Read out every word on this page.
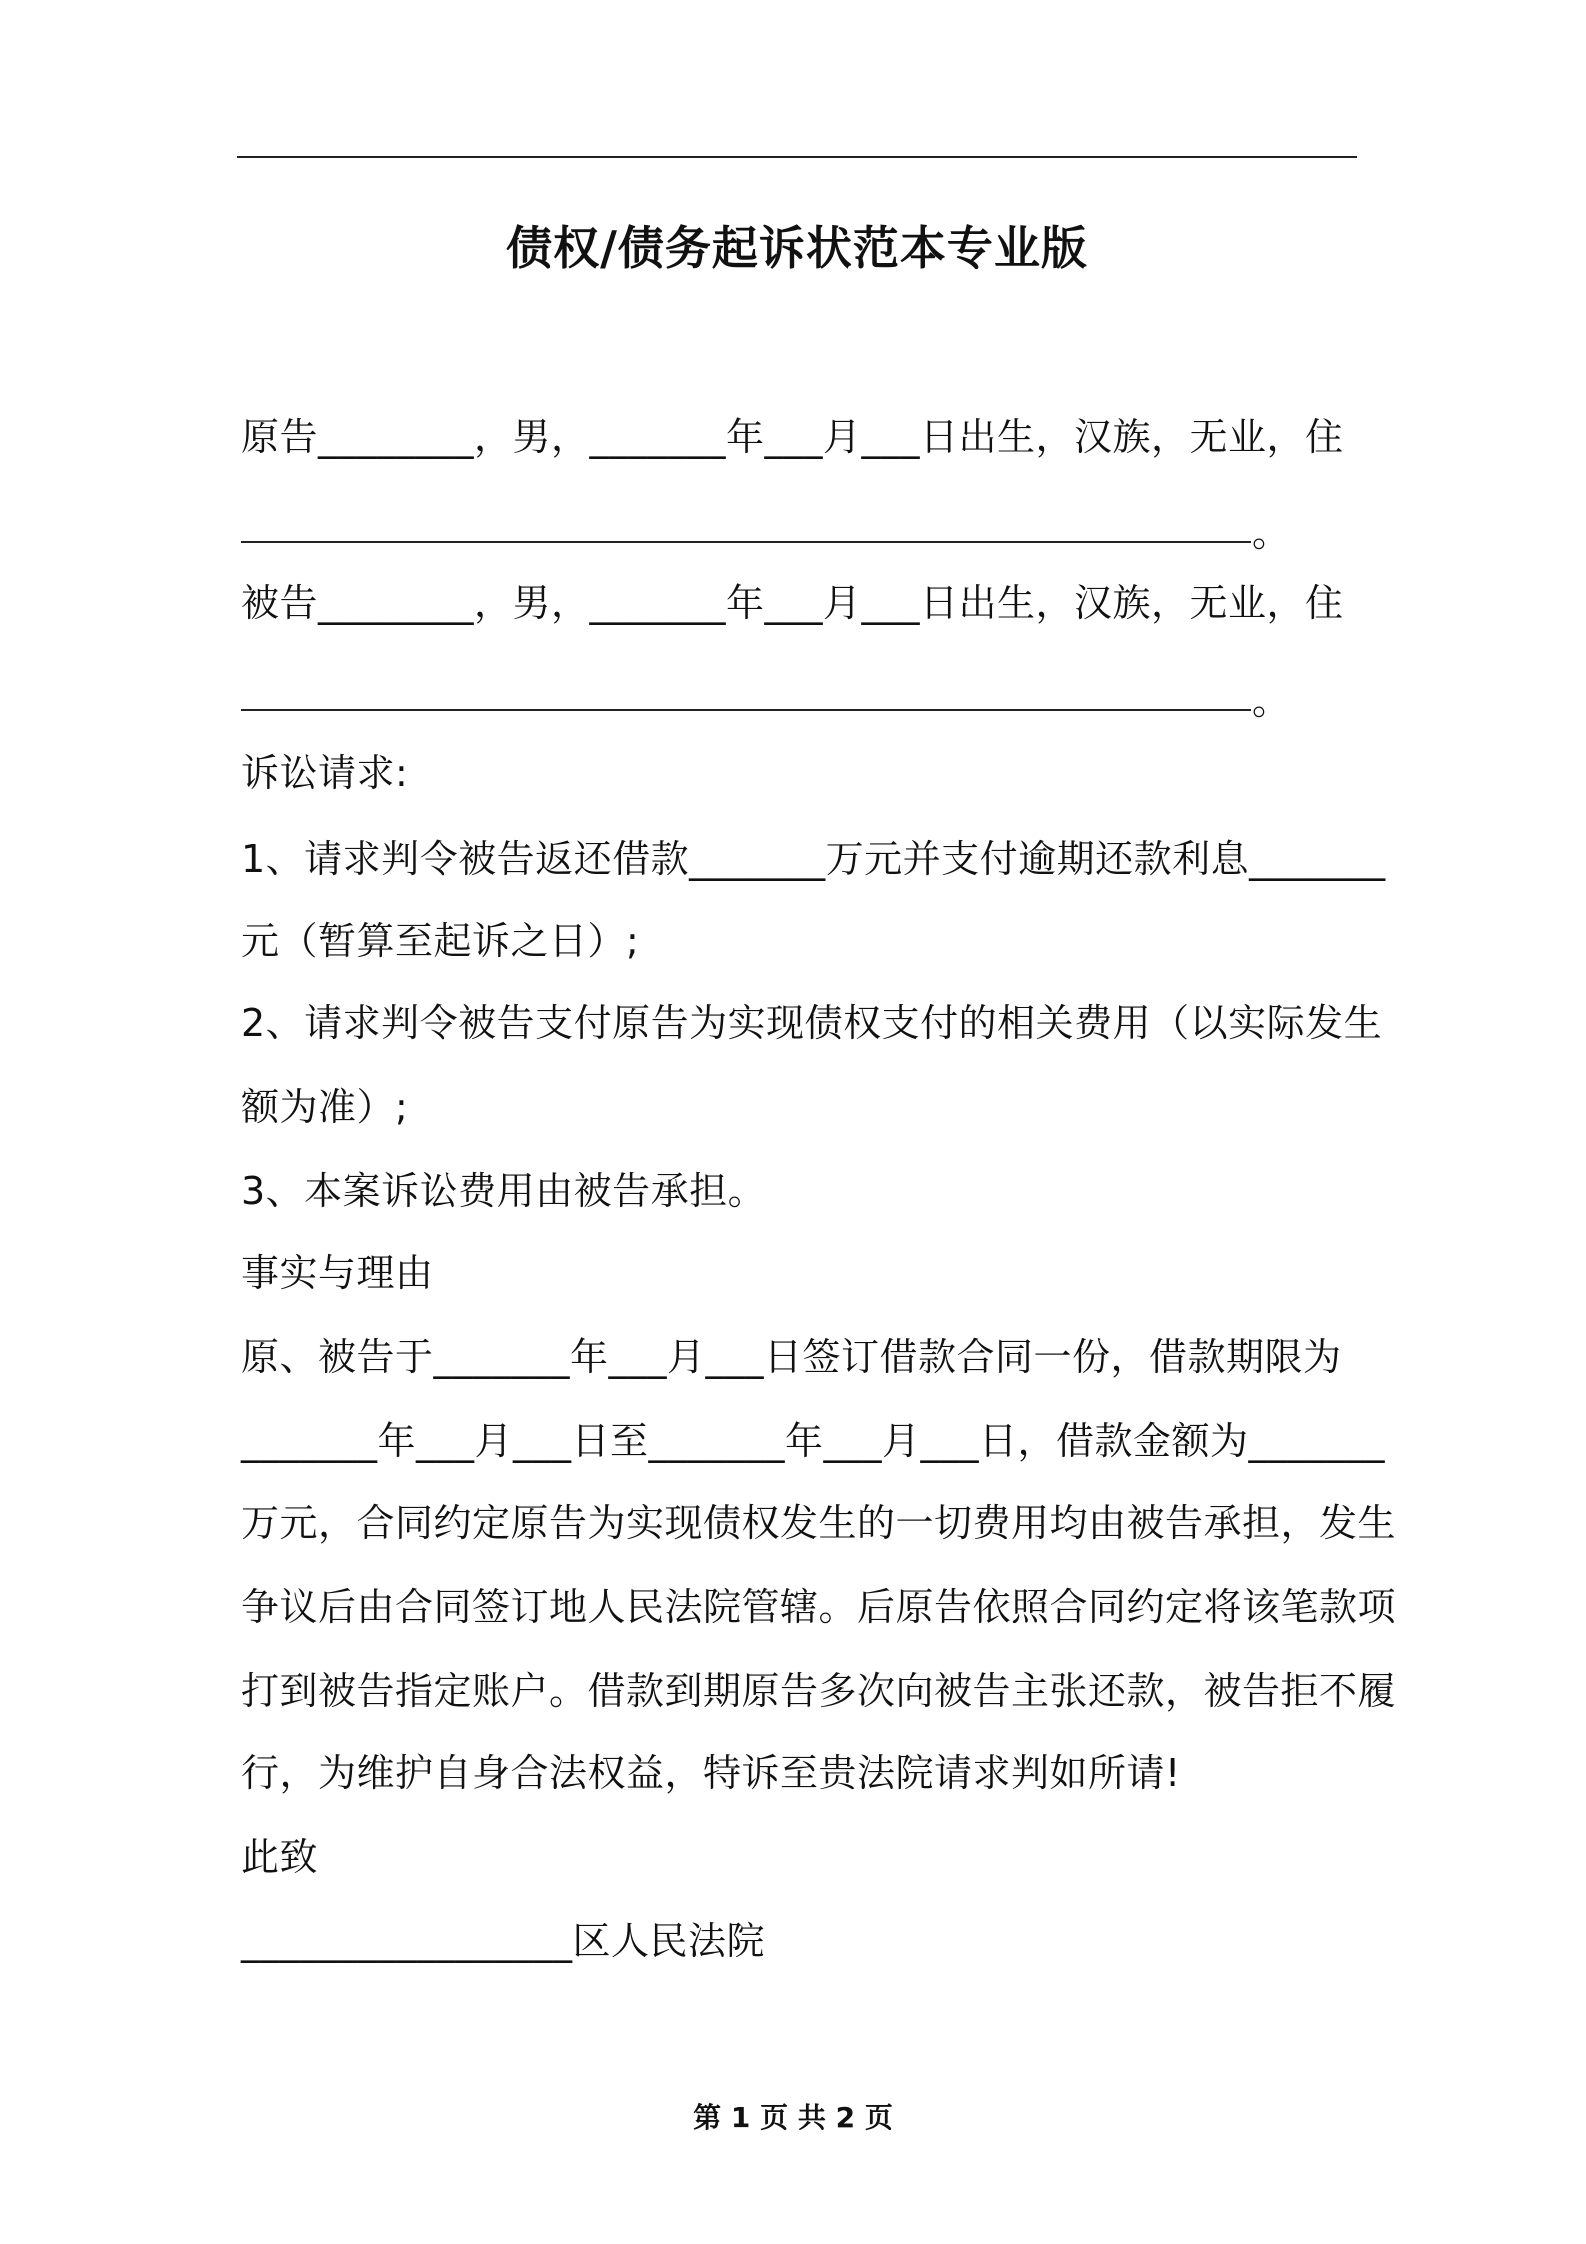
债权/债务起诉状范本专业版
原告________，男，_______年___月___日出生，汉族，无业，住
。
被告________，男，_______年___月___日出生，汉族，无业，住
。
诉讼请求:
1、请求判令被告返还借款_______万元并支付逾期还款利息_______
元（暂算至起诉之日）;
2、请求判令被告支付原告为实现债权支付的相关费用（以实际发生
额为准）;
3、本案诉讼费用由被告承担。
事实与理由
原、被告于_______年___月___日签订借款合同一份，借款期限为
_______年___月___日至_______年___月___日，借款金额为_______
万元，合同约定原告为实现债权发生的一切费用均由被告承担，发生
争议后由合同签订地人民法院管辖。后原告依照合同约定将该笔款项
打到被告指定账户。借款到期原告多次向被告主张还款，被告拒不履
行，为维护自身合法权益，特诉至贵法院请求判如所请!
此致
_________________区人民法院
第 1 页 共 2 页
